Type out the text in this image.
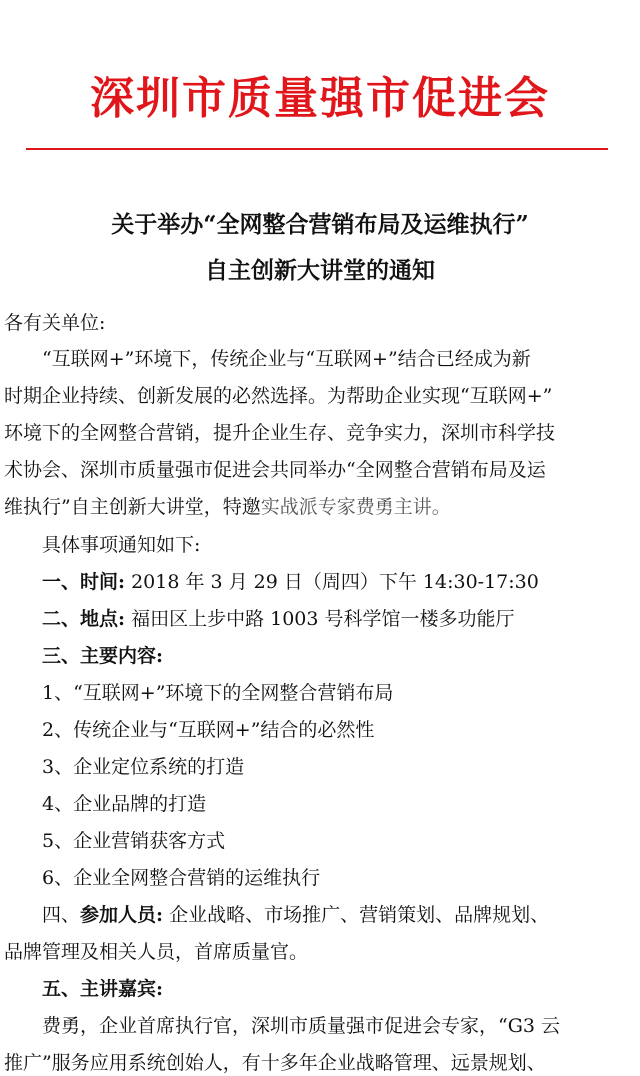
深圳市质量强市促进会
关于举办“全网整合营销布局及运维执行”
自主创新大讲堂的通知
各有关单位:
“互联网+”环境下，传统企业与“互联网+”结合已经成为新
时期企业持续、创新发展的必然选择。为帮助企业实现“互联网+”
环境下的全网整合营销，提升企业生存、竞争实力，深圳市科学技
术协会、深圳市质量强市促进会共同举办“全网整合营销布局及运
维执行”自主创新大讲堂，特邀实战派专家费勇主讲。
具体事项通知如下:
一、时间: 2018 年 3 月 29 日（周四）下午 14:30-17:30
二、地点: 福田区上步中路 1003 号科学馆一楼多功能厅
三、主要内容:
1、“互联网+”环境下的全网整合营销布局
2、传统企业与“互联网+”结合的必然性
3、企业定位系统的打造
4、企业品牌的打造
5、企业营销获客方式
6、企业全网整合营销的运维执行
四、参加人员: 企业战略、市场推广、营销策划、品牌规划、
品牌管理及相关人员，首席质量官。
五、主讲嘉宾:
费勇，企业首席执行官，深圳市质量强市促进会专家，“G3 云
推广”服务应用系统创始人，有十多年企业战略管理、远景规划、
